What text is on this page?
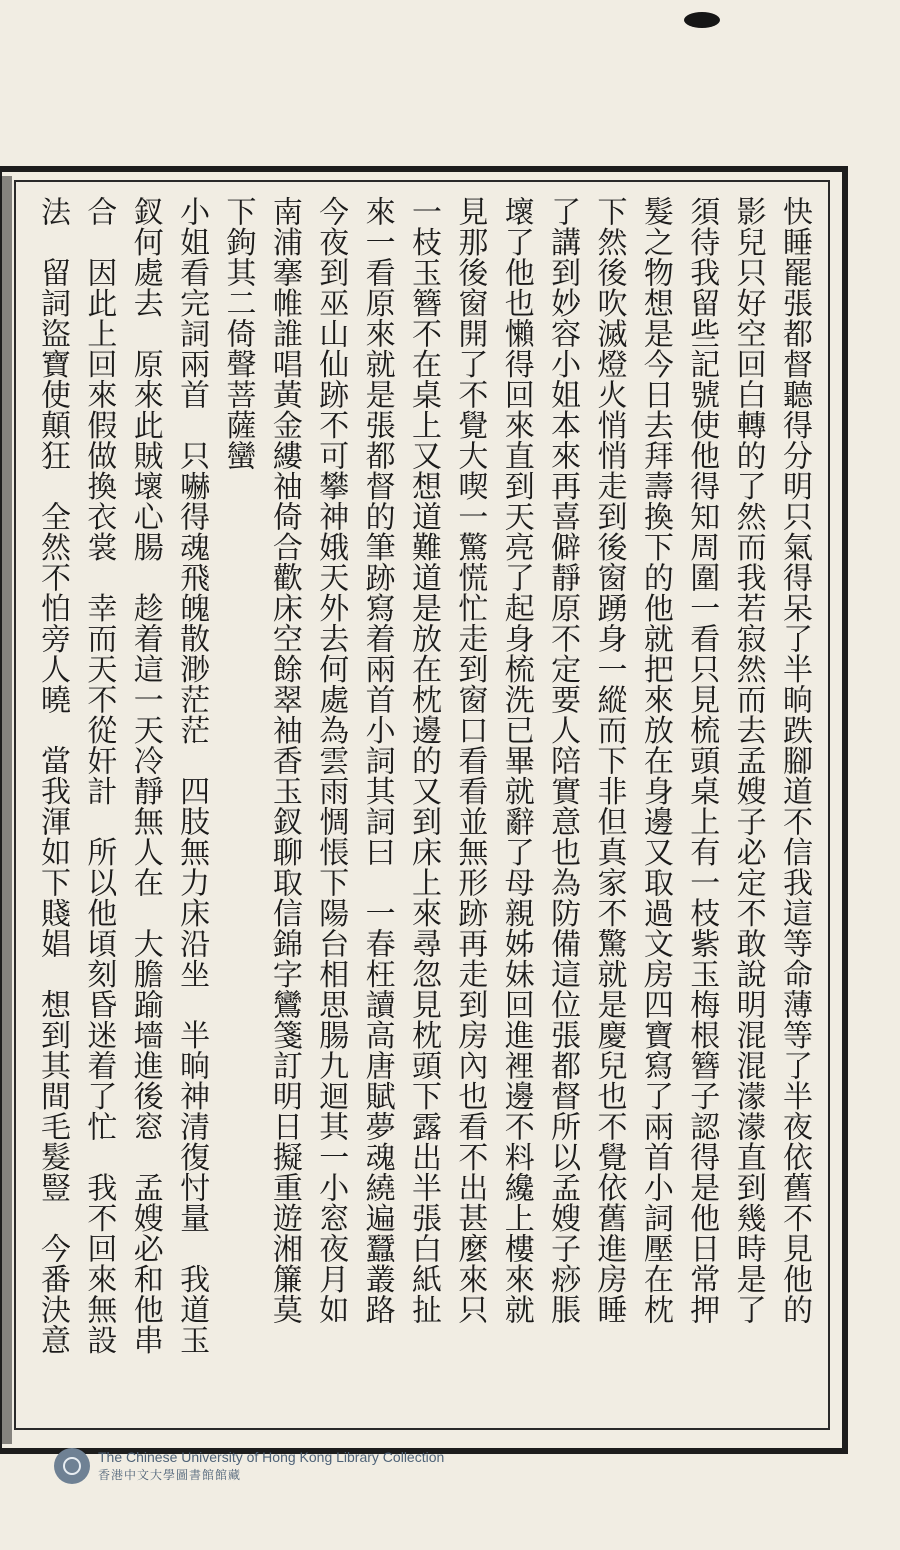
快睡罷張都督聽得分明只氣得呆了半晌跌腳道不信我這等命薄等了半夜依舊不見他的
影兒只好空回白轉的了然而我若寂然而去孟嫂子必定不敢說明混混濛濛直到幾時是了
須待我留些記號使他得知周圍一看只見梳頭桌上有一枝紫玉梅根簪子認得是他日常押
髮之物想是今日去拜壽換下的他就把來放在身邊又取過文房四寶寫了兩首小詞壓在枕
下然後吹滅燈火悄悄走到後窗踴身一縱而下非但真家不驚就是慶兒也不覺依舊進房睡
了講到妙容小姐本來再喜僻靜原不定要人陪實意也為防備這位張都督所以孟嫂子痧脹
壞了他也懶得回來直到天亮了起身梳洗已畢就辭了母親姊妹回進裡邊不料纔上樓來就
見那後窗開了不覺大喫一驚慌忙走到窗口看看並無形跡再走到房內也看不出甚麼來只
一枝玉簪不在桌上又想道難道是放在枕邊的又到床上來尋忽見枕頭下露出半張白紙扯
來一看原來就是張都督的筆跡寫着兩首小詞其詞曰　一春枉讀高唐賦夢魂繞遍蠶叢路
今夜到巫山仙跡不可攀神娥天外去何處為雲雨惆悵下陽台相思腸九迴其一小窓夜月如
南浦搴帷誰唱黃金縷䄂倚合歡床空餘翠袖香玉釵聊取信錦字鸞箋訂明日擬重遊湘簾莫
下鉤其二倚聲菩薩蠻
小姐看完詞兩首　只嚇得魂飛魄散渺茫茫　四肢無力床沿坐　半晌神清復忖量　我道玉
釵何處去　原來此賊壞心腸　趁着這一天冷靜無人在　大膽踰墻進後窓　孟嫂必和他串
合　因此上回來假做換衣裳　幸而天不從奸計　所以他頃刻昏迷着了忙　我不回來無設
法　留詞盜寶使顛狂　全然不怕旁人曉　當我渾如下賤娼　想到其間毛髮豎　今番決意
The Chinese University of Hong Kong Library Collection
香港中文大學圖書館館藏
